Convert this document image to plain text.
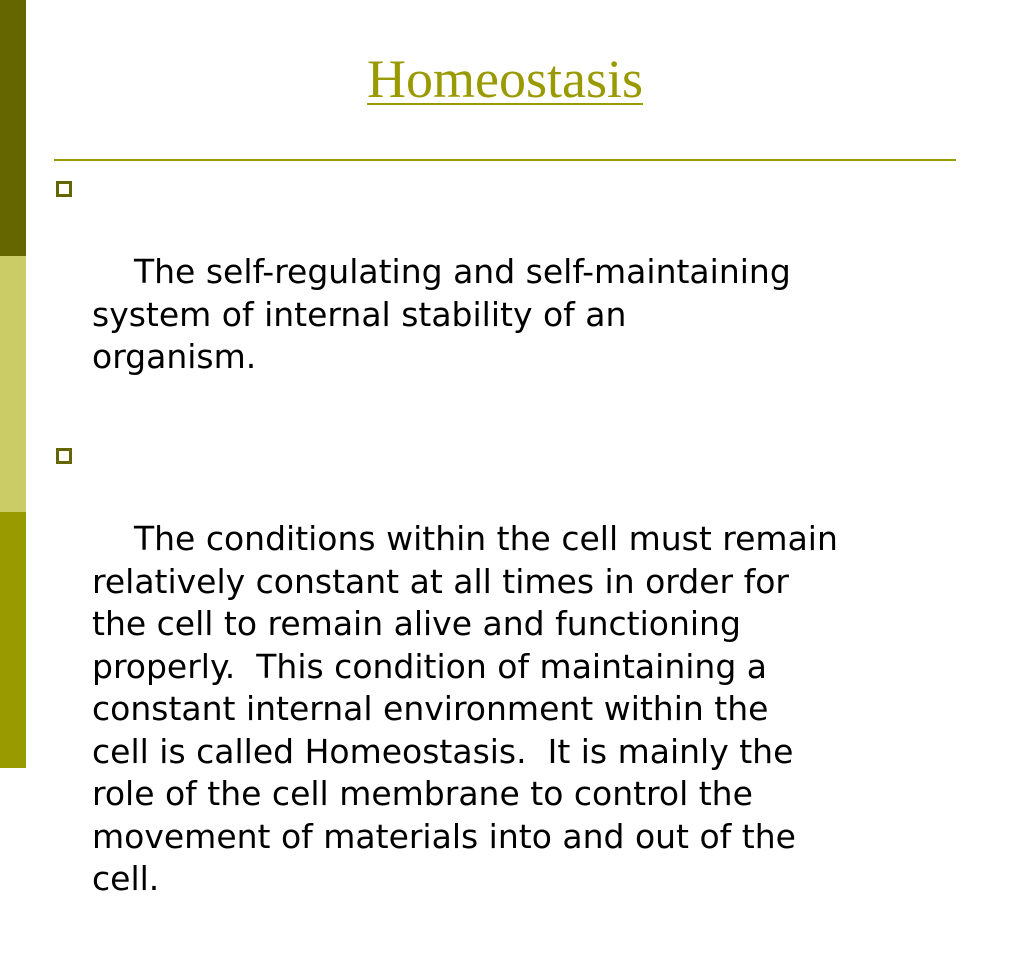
Homeostasis

The self-regulating and self-maintaining
system of internal stability of an
organism.

The conditions within the cell must remain
relatively constant at all times in order for
the cell to remain alive and functioning
properly.  This condition of maintaining a
constant internal environment within the
cell is called Homeostasis.  It is mainly the
role of the cell membrane to control the
movement of materials into and out of the
cell.
